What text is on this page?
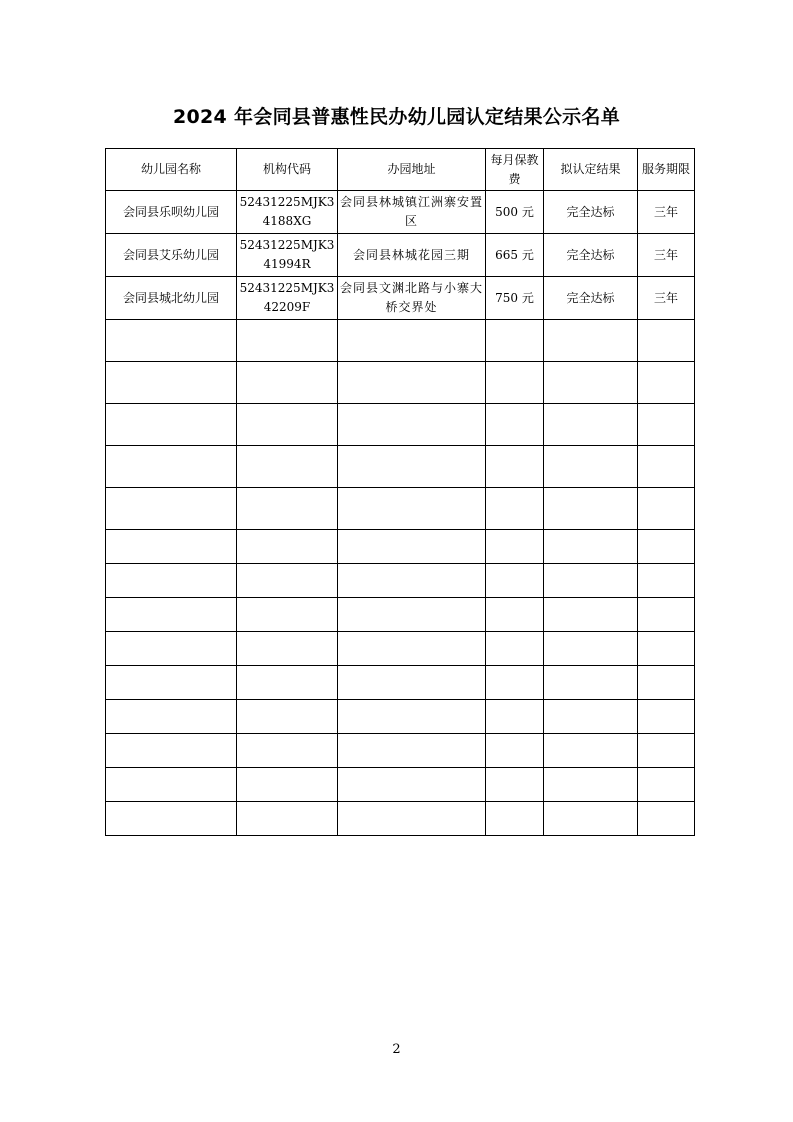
2024 年会同县普惠性民办幼儿园认定结果公示名单
幼儿园名称	机构代码	办园地址	每月保教费	拟认定结果	服务期限
会同县乐呗幼儿园	52431225MJK34188XG	会同县林城镇江洲寨安置区	500 元	完全达标	三年
会同县艾乐幼儿园	52431225MJK341994R	会同县林城花园三期	665 元	完全达标	三年
会同县城北幼儿园	52431225MJK342209F	会同县文渊北路与小寨大桥交界处	750 元	完全达标	三年

2
